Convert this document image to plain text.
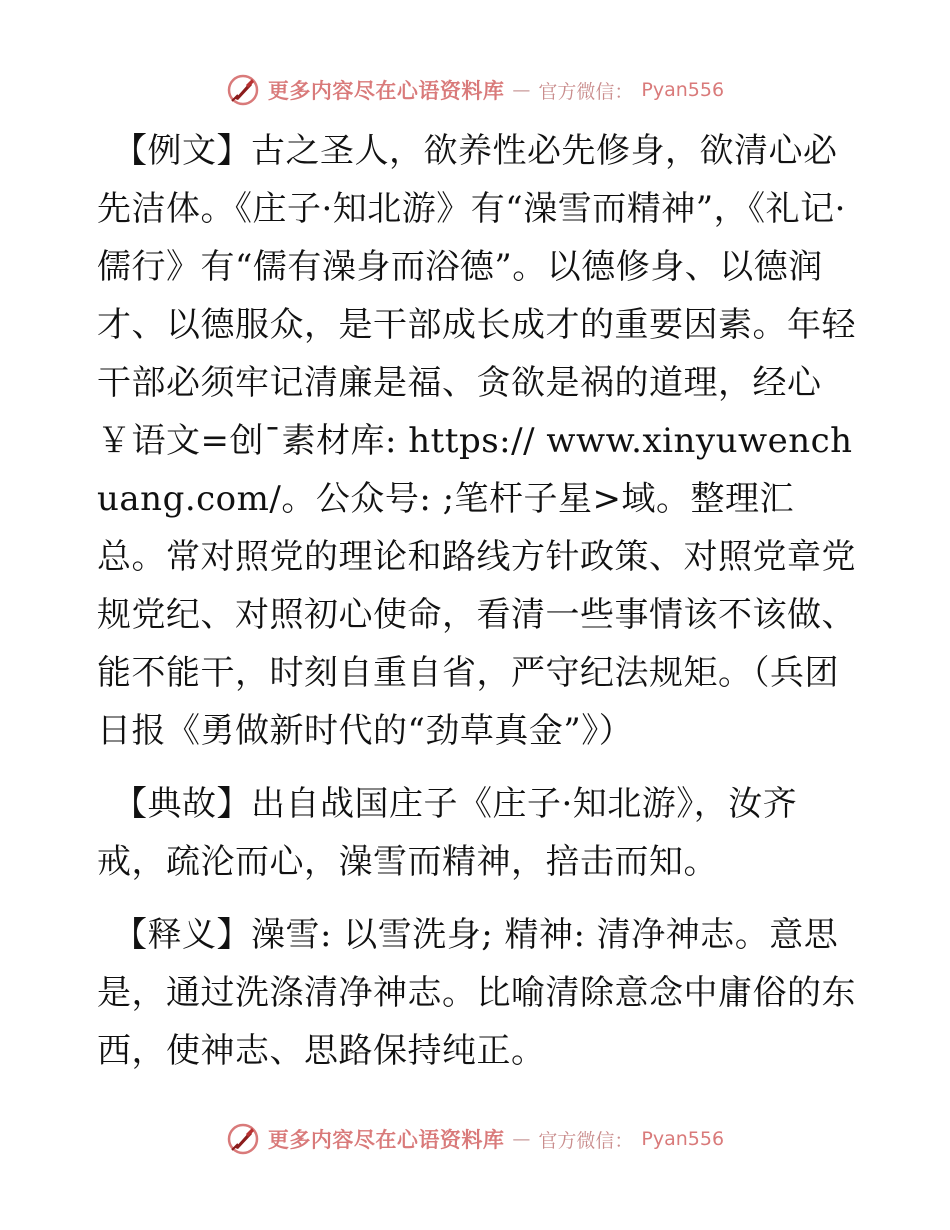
更多内容尽在心语资料库 — 官方微信： Pyan556

【例文】古之圣人，欲养性必先修身，欲清心必先洁体。《庄子·知北游》有“澡雪而精神”，《礼记·儒行》有“儒有澡身而浴德”。以德修身、以德润才、以德服众，是干部成长成才的重要因素。年轻干部必须牢记清廉是福、贪欲是祸的道理，经心￥语文=创¯素材库: https:// www.xinyuwenchuang.com/。公众号: ;笔杆子星>域。整理汇总。常对照党的理论和路线方针政策、对照党章党规党纪、对照初心使命，看清一些事情该不该做、能不能干，时刻自重自省，严守纪法规矩。（兵团日报《勇做新时代的“劲草真金”》）

【典故】出自战国庄子《庄子·知北游》，汝齐戒，疏沦而心，澡雪而精神，掊击而知。

【释义】澡雪: 以雪洗身; 精神: 清净神志。意思是，通过洗涤清净神志。比喻清除意念中庸俗的东西，使神志、思路保持纯正。

更多内容尽在心语资料库 — 官方微信： Pyan556
